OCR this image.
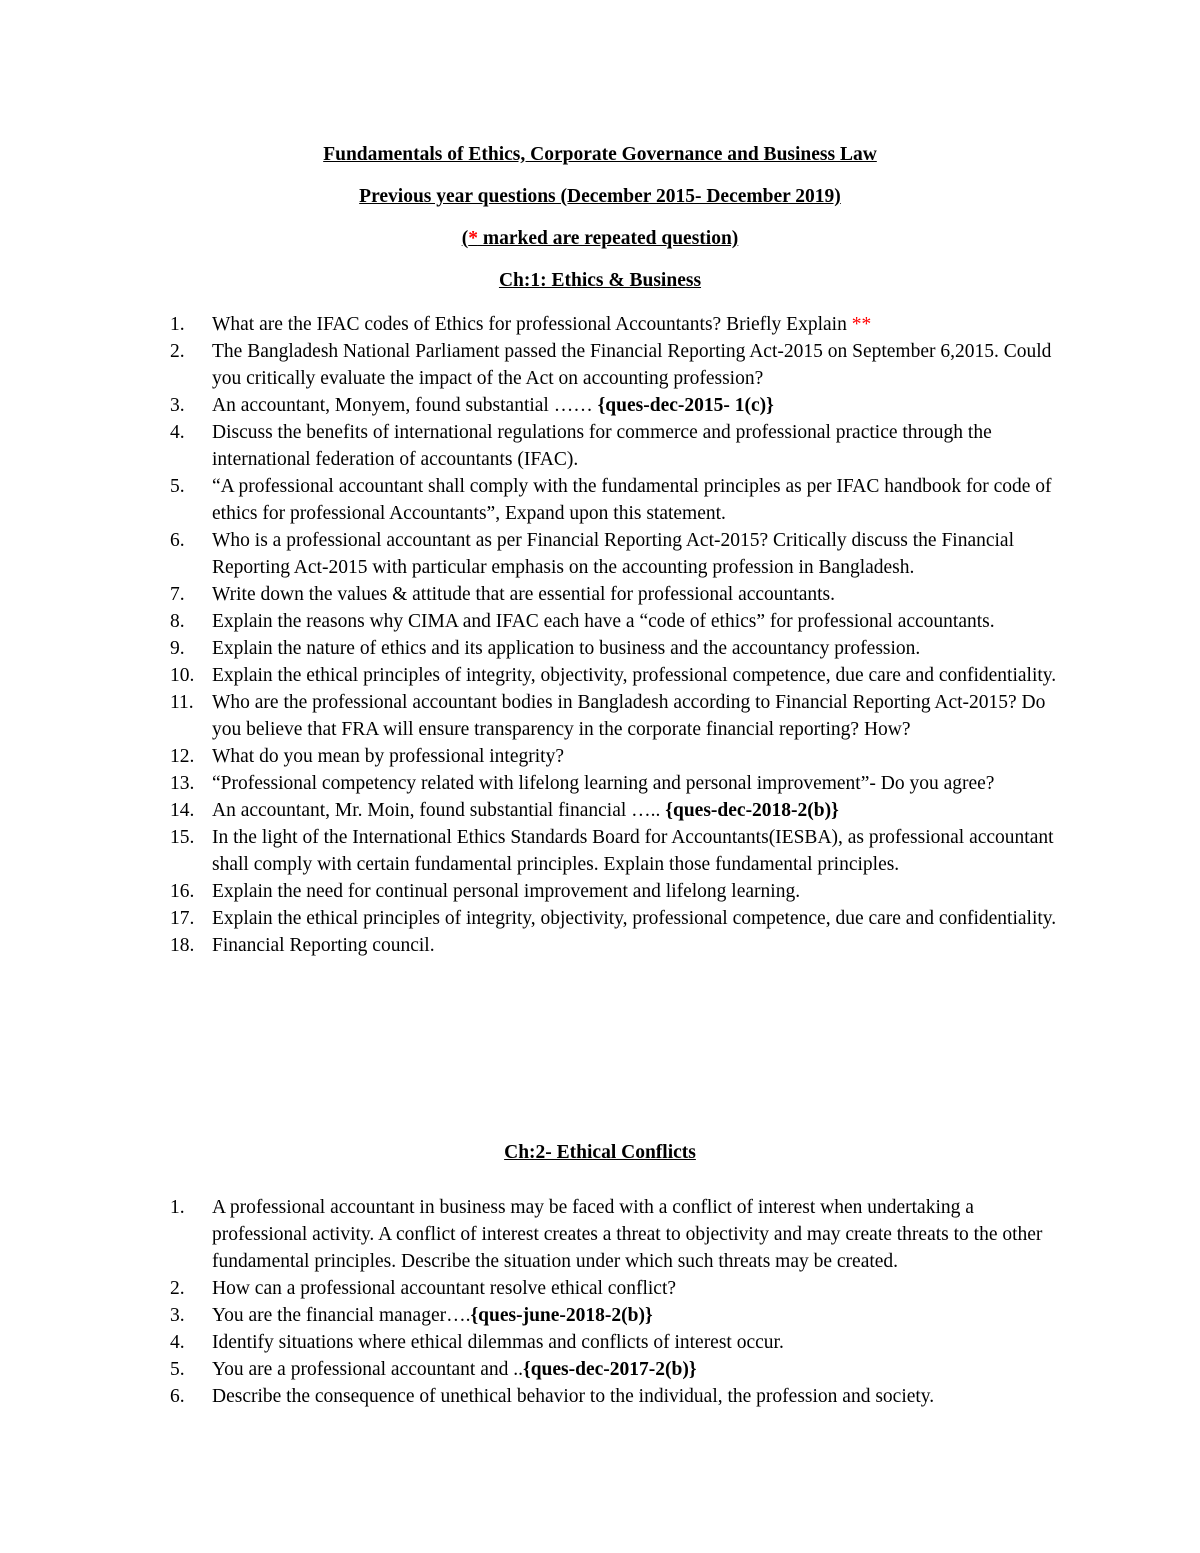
Fundamentals of Ethics, Corporate Governance and Business Law
Previous year questions (December 2015- December 2019)
(* marked are repeated question)
Ch:1: Ethics & Business
1. What are the IFAC codes of Ethics for professional Accountants? Briefly Explain **
2. The Bangladesh National Parliament passed the Financial Reporting Act-2015 on September 6,2015. Could you critically evaluate the impact of the Act on accounting profession?
3. An accountant, Monyem, found substantial …… {ques-dec-2015- 1(c)}
4. Discuss the benefits of international regulations for commerce and professional practice through the international federation of accountants (IFAC).
5. “A professional accountant shall comply with the fundamental principles as per IFAC handbook for code of ethics for professional Accountants”, Expand upon this statement.
6. Who is a professional accountant as per Financial Reporting Act-2015? Critically discuss the Financial Reporting Act-2015 with particular emphasis on the accounting profession in Bangladesh.
7. Write down the values & attitude that are essential for professional accountants.
8. Explain the reasons why CIMA and IFAC each have a “code of ethics” for professional accountants.
9. Explain the nature of ethics and its application to business and the accountancy profession.
10. Explain the ethical principles of integrity, objectivity, professional competence, due care and confidentiality.
11. Who are the professional accountant bodies in Bangladesh according to Financial Reporting Act-2015? Do you believe that FRA will ensure transparency in the corporate financial reporting? How?
12. What do you mean by professional integrity?
13. “Professional competency related with lifelong learning and personal improvement”- Do you agree?
14. An accountant, Mr. Moin, found substantial financial ….. {ques-dec-2018-2(b)}
15. In the light of the International Ethics Standards Board for Accountants(IESBA), as professional accountant shall comply with certain fundamental principles. Explain those fundamental principles.
16. Explain the need for continual personal improvement and lifelong learning.
17. Explain the ethical principles of integrity, objectivity, professional competence, due care and confidentiality.
18. Financial Reporting council.
Ch:2- Ethical Conflicts
1. A professional accountant in business may be faced with a conflict of interest when undertaking a professional activity. A conflict of interest creates a threat to objectivity and may create threats to the other fundamental principles. Describe the situation under which such threats may be created.
2. How can a professional accountant resolve ethical conflict?
3. You are the financial manager….{ques-june-2018-2(b)}
4. Identify situations where ethical dilemmas and conflicts of interest occur.
5. You are a professional accountant and ..{ques-dec-2017-2(b)}
6. Describe the consequence of unethical behavior to the individual, the profession and society.
